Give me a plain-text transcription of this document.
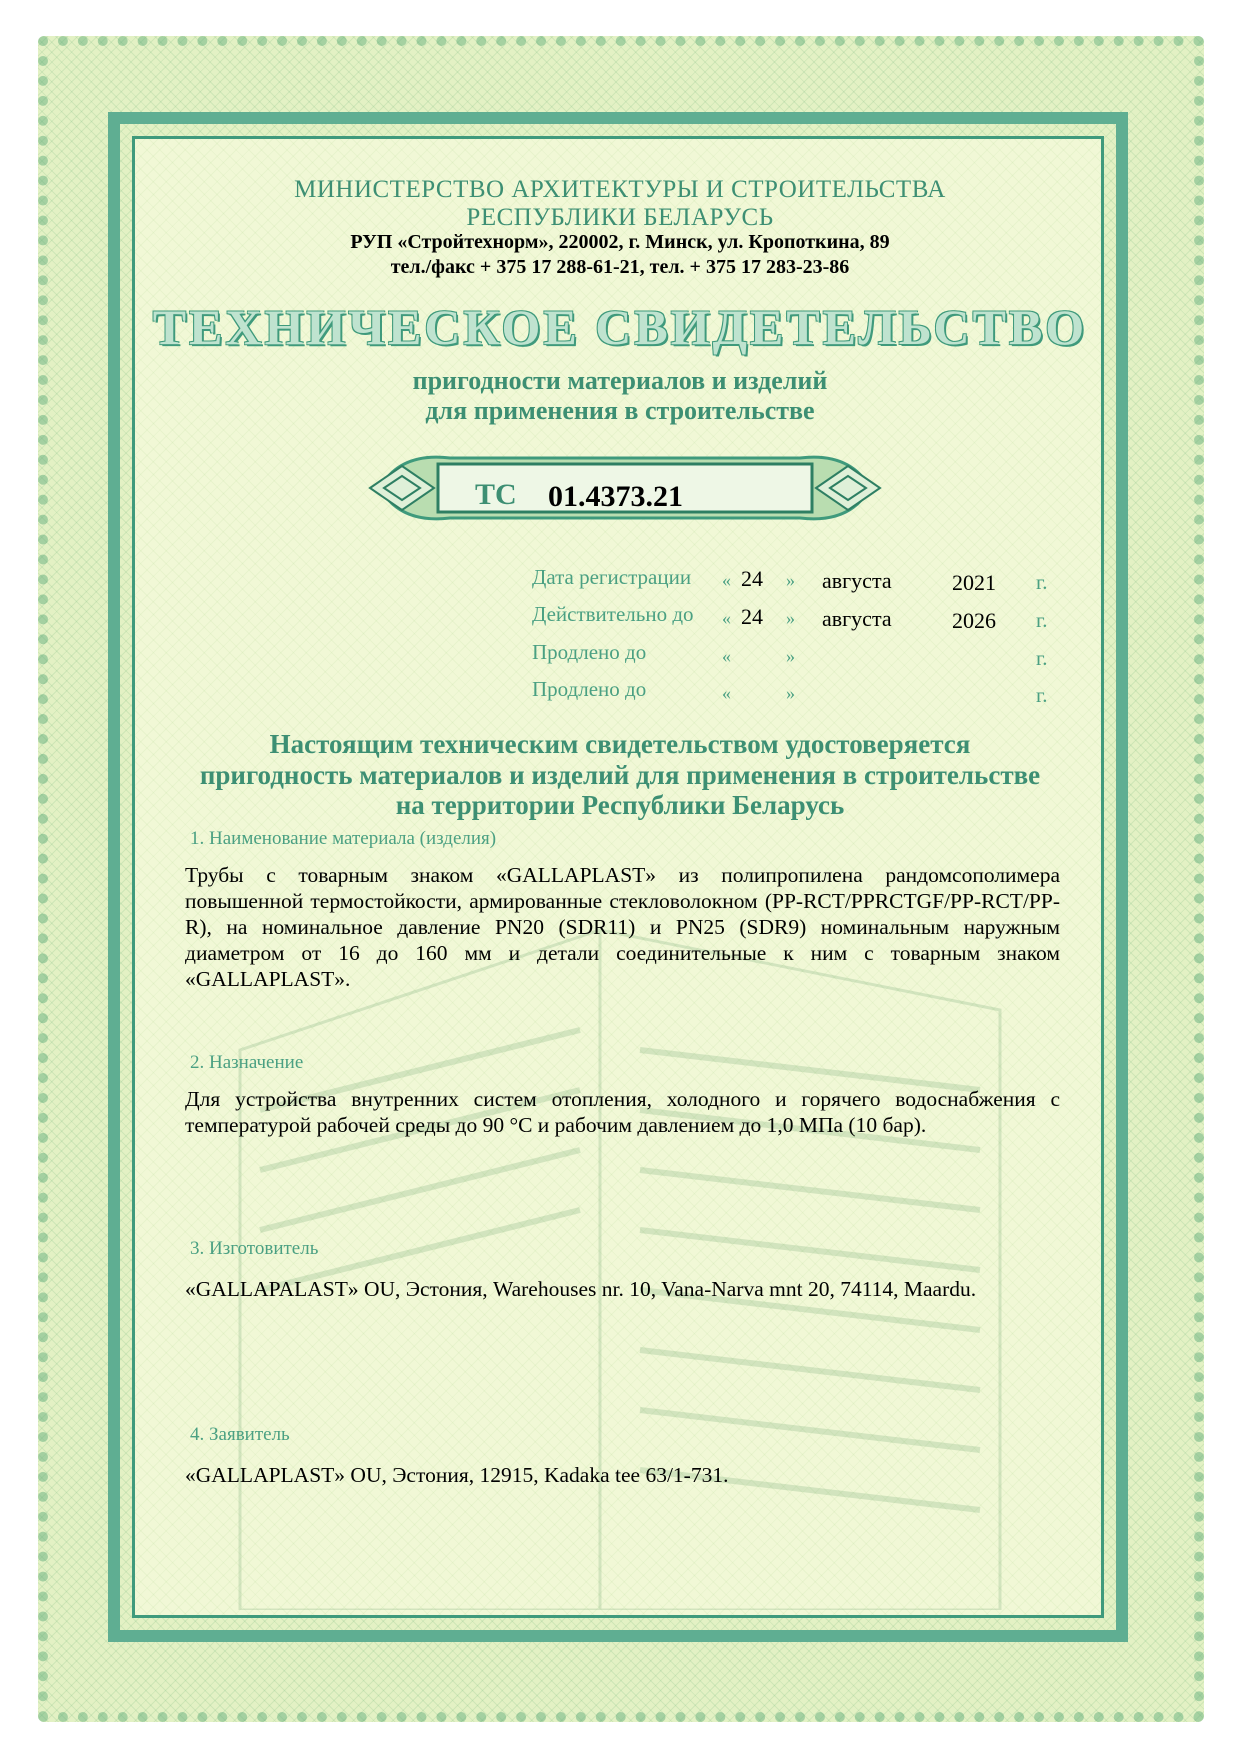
МИНИСТЕРСТВО АРХИТЕКТУРЫ И СТРОИТЕЛЬСТВА
РЕСПУБЛИКИ БЕЛАРУСЬ
РУП «Стройтехнорм», 220002, г. Минск, ул. Кропоткина, 89
тел./факс + 375 17 288-61-21, тел. + 375 17 283-23-86
ТЕХНИЧЕСКОЕ СВИДЕТЕЛЬСТВО
пригодности материалов и изделий
для применения в строительстве
ТС 01.4373.21
Дата регистрации « 24 » августа	2021 г.
Действительно до « 24 » августа	2026 г.
Продлено до	«	»	г.
Продлено до	«	»	г.
Настоящим техническим свидетельством удостоверяется
пригодность материалов и изделий для применения в строительстве
на территории Республики Беларусь
1. Наименование материала (изделия)
Трубы с товарным знаком «GALLAPLAST» из полипропилена рандомсополимера повышенной термостойкости, армированные стекловолокном (PP-RCT/PPRCTGF/PP-RCT/PP-R), на номинальное давление PN20 (SDR11) и PN25 (SDR9) номинальным наружным диаметром от 16 до 160 мм и детали соединительные к ним с товарным знаком «GALLAPLAST».
2. Назначение
Для устройства внутренних систем отопления, холодного и горячего водоснабжения с температурой рабочей среды до 90 °С и рабочим давлением до 1,0 МПа (10 бар).
3. Изготовитель
«GALLAPALAST» OU, Эстония, Warehouses nr. 10, Vana-Narva mnt 20, 74114, Maardu.
4. Заявитель
«GALLAPLAST» OU, Эстония, 12915, Kadaka tee 63/1-731.
